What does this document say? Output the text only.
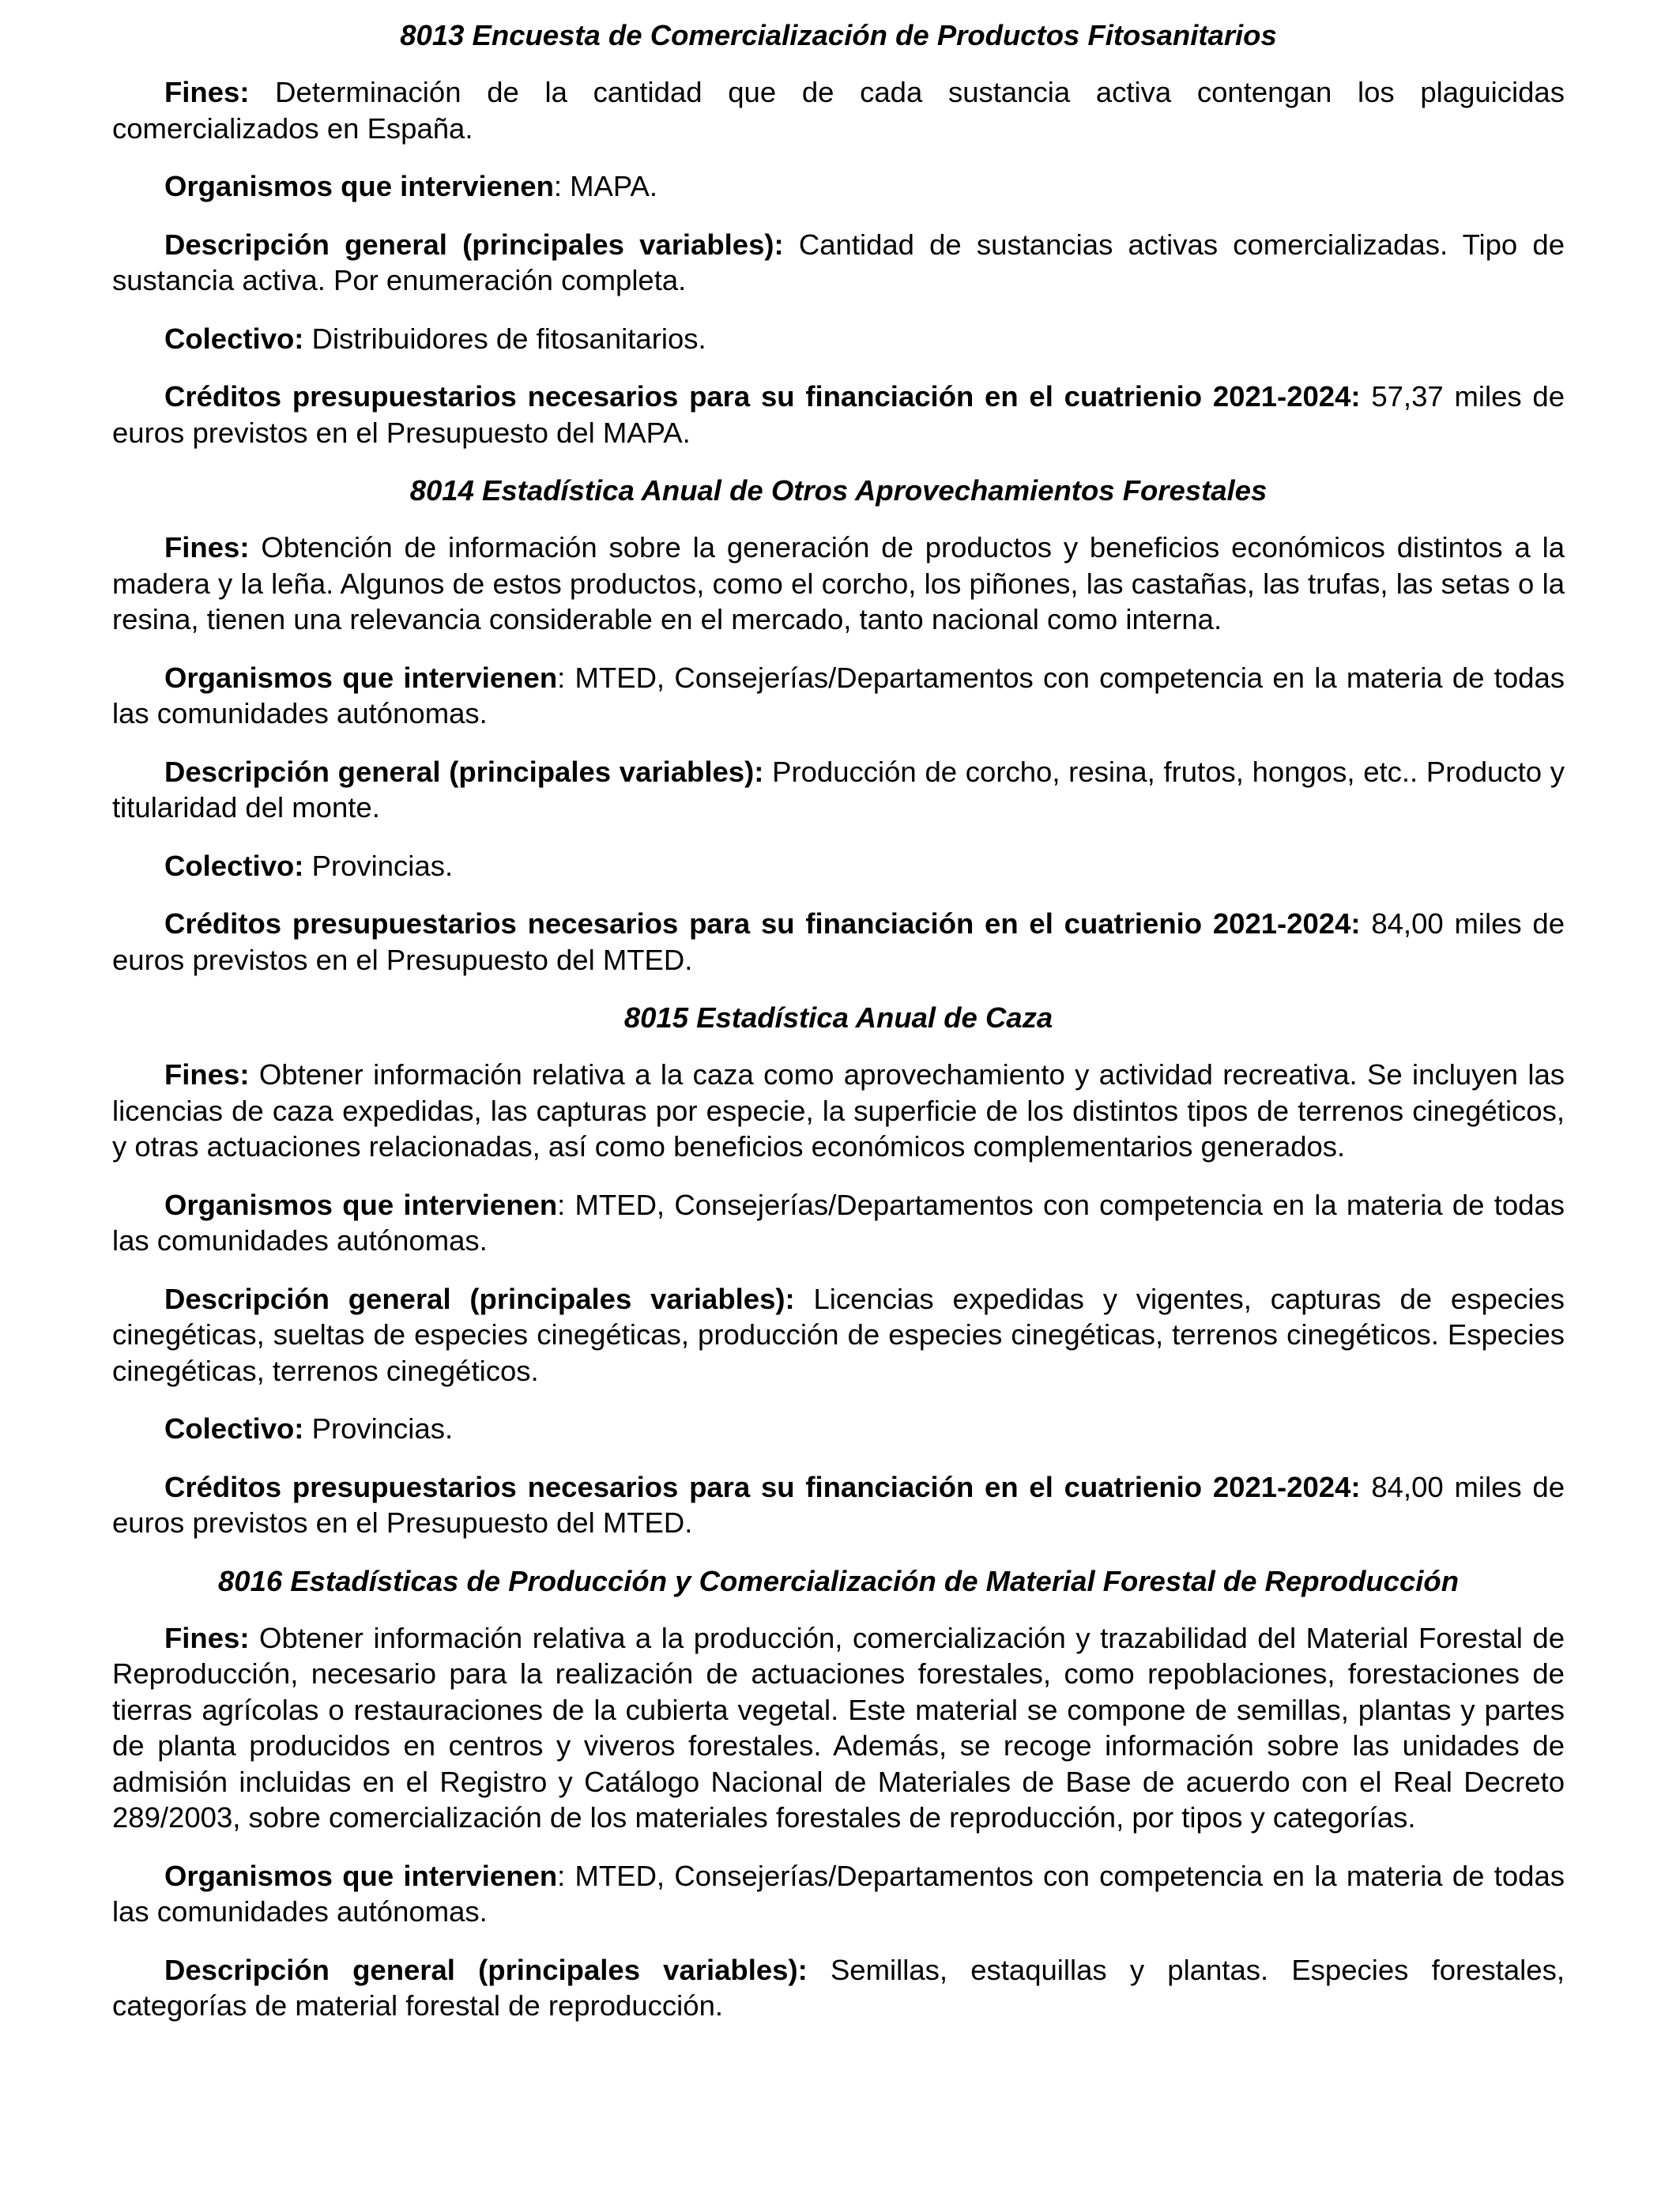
8013 Encuesta de Comercialización de Productos Fitosanitarios

Fines: Determinación de la cantidad que de cada sustancia activa contengan los plaguicidas comercializados en España.

Organismos que intervienen: MAPA.

Descripción general (principales variables): Cantidad de sustancias activas comercializadas. Tipo de sustancia activa. Por enumeración completa.

Colectivo: Distribuidores de fitosanitarios.

Créditos presupuestarios necesarios para su financiación en el cuatrienio 2021-2024: 57,37 miles de euros previstos en el Presupuesto del MAPA.

8014 Estadística Anual de Otros Aprovechamientos Forestales

Fines: Obtención de información sobre la generación de productos y beneficios económicos distintos a la madera y la leña. Algunos de estos productos, como el corcho, los piñones, las castañas, las trufas, las setas o la resina, tienen una relevancia considerable en el mercado, tanto nacional como interna.

Organismos que intervienen: MTED, Consejerías/Departamentos con competencia en la materia de todas las comunidades autónomas.

Descripción general (principales variables): Producción de corcho, resina, frutos, hongos, etc.. Producto y titularidad del monte.

Colectivo: Provincias.

Créditos presupuestarios necesarios para su financiación en el cuatrienio 2021-2024: 84,00 miles de euros previstos en el Presupuesto del MTED.

8015 Estadística Anual de Caza

Fines: Obtener información relativa a la caza como aprovechamiento y actividad recreativa. Se incluyen las licencias de caza expedidas, las capturas por especie, la superficie de los distintos tipos de terrenos cinegéticos, y otras actuaciones relacionadas, así como beneficios económicos complementarios generados.

Organismos que intervienen: MTED, Consejerías/Departamentos con competencia en la materia de todas las comunidades autónomas.

Descripción general (principales variables): Licencias expedidas y vigentes, capturas de especies cinegéticas, sueltas de especies cinegéticas, producción de especies cinegéticas, terrenos cinegéticos. Especies cinegéticas, terrenos cinegéticos.

Colectivo: Provincias.

Créditos presupuestarios necesarios para su financiación en el cuatrienio 2021-2024: 84,00 miles de euros previstos en el Presupuesto del MTED.

8016 Estadísticas de Producción y Comercialización de Material Forestal de Reproducción

Fines: Obtener información relativa a la producción, comercialización y trazabilidad del Material Forestal de Reproducción, necesario para la realización de actuaciones forestales, como repoblaciones, forestaciones de tierras agrícolas o restauraciones de la cubierta vegetal. Este material se compone de semillas, plantas y partes de planta producidos en centros y viveros forestales. Además, se recoge información sobre las unidades de admisión incluidas en el Registro y Catálogo Nacional de Materiales de Base de acuerdo con el Real Decreto 289/2003, sobre comercialización de los materiales forestales de reproducción, por tipos y categorías.

Organismos que intervienen: MTED, Consejerías/Departamentos con competencia en la materia de todas las comunidades autónomas.

Descripción general (principales variables): Semillas, estaquillas y plantas. Especies forestales, categorías de material forestal de reproducción.
